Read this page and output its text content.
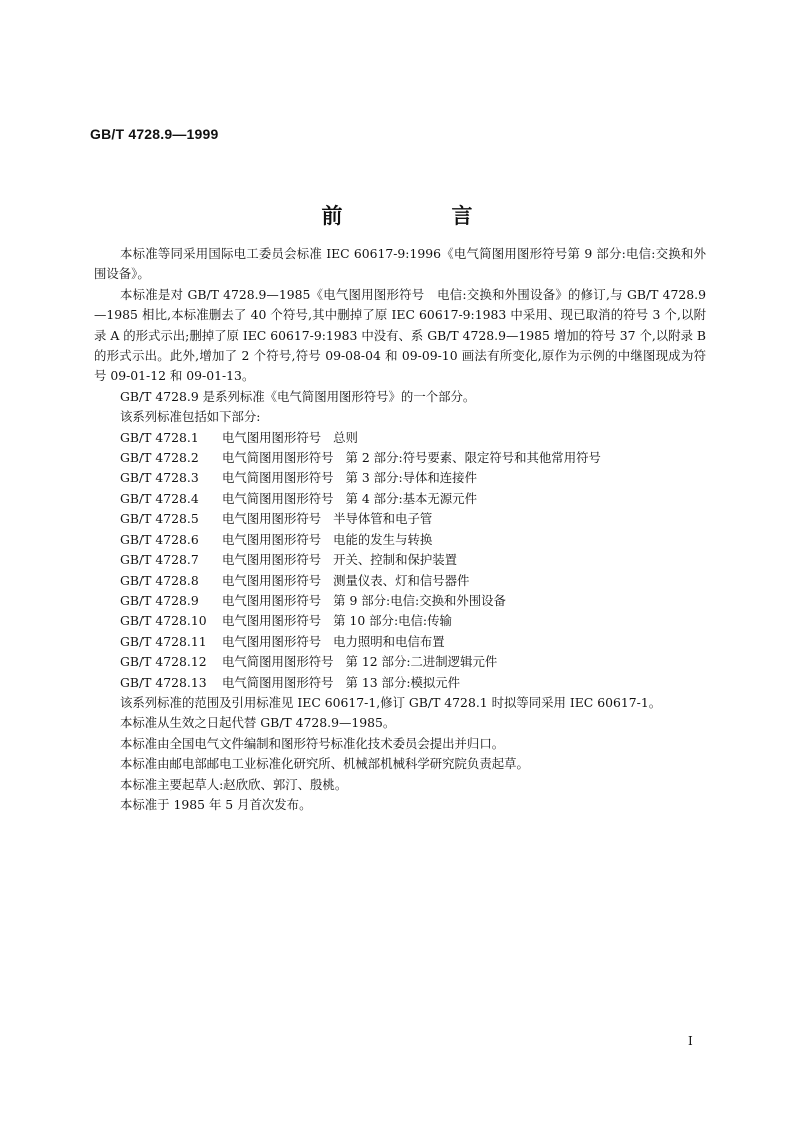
GB/T 4728.9—1999
前　言

本标准等同采用国际电工委员会标准 IEC 60617-9:1996《电气简图用图形符号第 9 部分:电信:交换和外围设备》。

本标准是对 GB/T 4728.9—1985《电气图用图形符号　电信:交换和外围设备》的修订,与 GB/T 4728.9—1985 相比,本标准删去了 40 个符号,其中删掉了原 IEC 60617-9:1983 中采用、现已取消的符号 3 个,以附录 A 的形式示出;删掉了原 IEC 60617-9:1983 中没有、系 GB/T 4728.9—1985 增加的符号 37 个,以附录 B 的形式示出。此外,增加了 2 个符号,符号 09-08-04 和 09-09-10 画法有所变化,原作为示例的中继图现成为符号 09-01-12 和 09-01-13。

GB/T 4728.9 是系列标准《电气简图用图形符号》的一个部分。

该系列标准包括如下部分:

GB/T 4728.1 电气图用图形符号 总则
GB/T 4728.2 电气简图用图形符号 第 2 部分:符号要素、限定符号和其他常用符号
GB/T 4728.3 电气简图用图形符号 第 3 部分:导体和连接件
GB/T 4728.4 电气简图用图形符号 第 4 部分:基本无源元件
GB/T 4728.5 电气图用图形符号 半导体管和电子管
GB/T 4728.6 电气图用图形符号 电能的发生与转换
GB/T 4728.7 电气图用图形符号 开关、控制和保护装置
GB/T 4728.8 电气图用图形符号 测量仪表、灯和信号器件
GB/T 4728.9 电气图用图形符号 第 9 部分:电信:交换和外围设备
GB/T 4728.10 电气图用图形符号 第 10 部分:电信:传输
GB/T 4728.11 电气图用图形符号 电力照明和电信布置
GB/T 4728.12 电气简图用图形符号 第 12 部分:二进制逻辑元件
GB/T 4728.13 电气简图用图形符号 第 13 部分:模拟元件

该系列标准的范围及引用标准见 IEC 60617-1,修订 GB/T 4728.1 时拟等同采用 IEC 60617-1。

本标准从生效之日起代替 GB/T 4728.9—1985。

本标准由全国电气文件编制和图形符号标准化技术委员会提出并归口。

本标准由邮电部邮电工业标准化研究所、机械部机械科学研究院负责起草。

本标准主要起草人:赵欣欣、郭汀、殷桃。

本标准于 1985 年 5 月首次发布。

I
